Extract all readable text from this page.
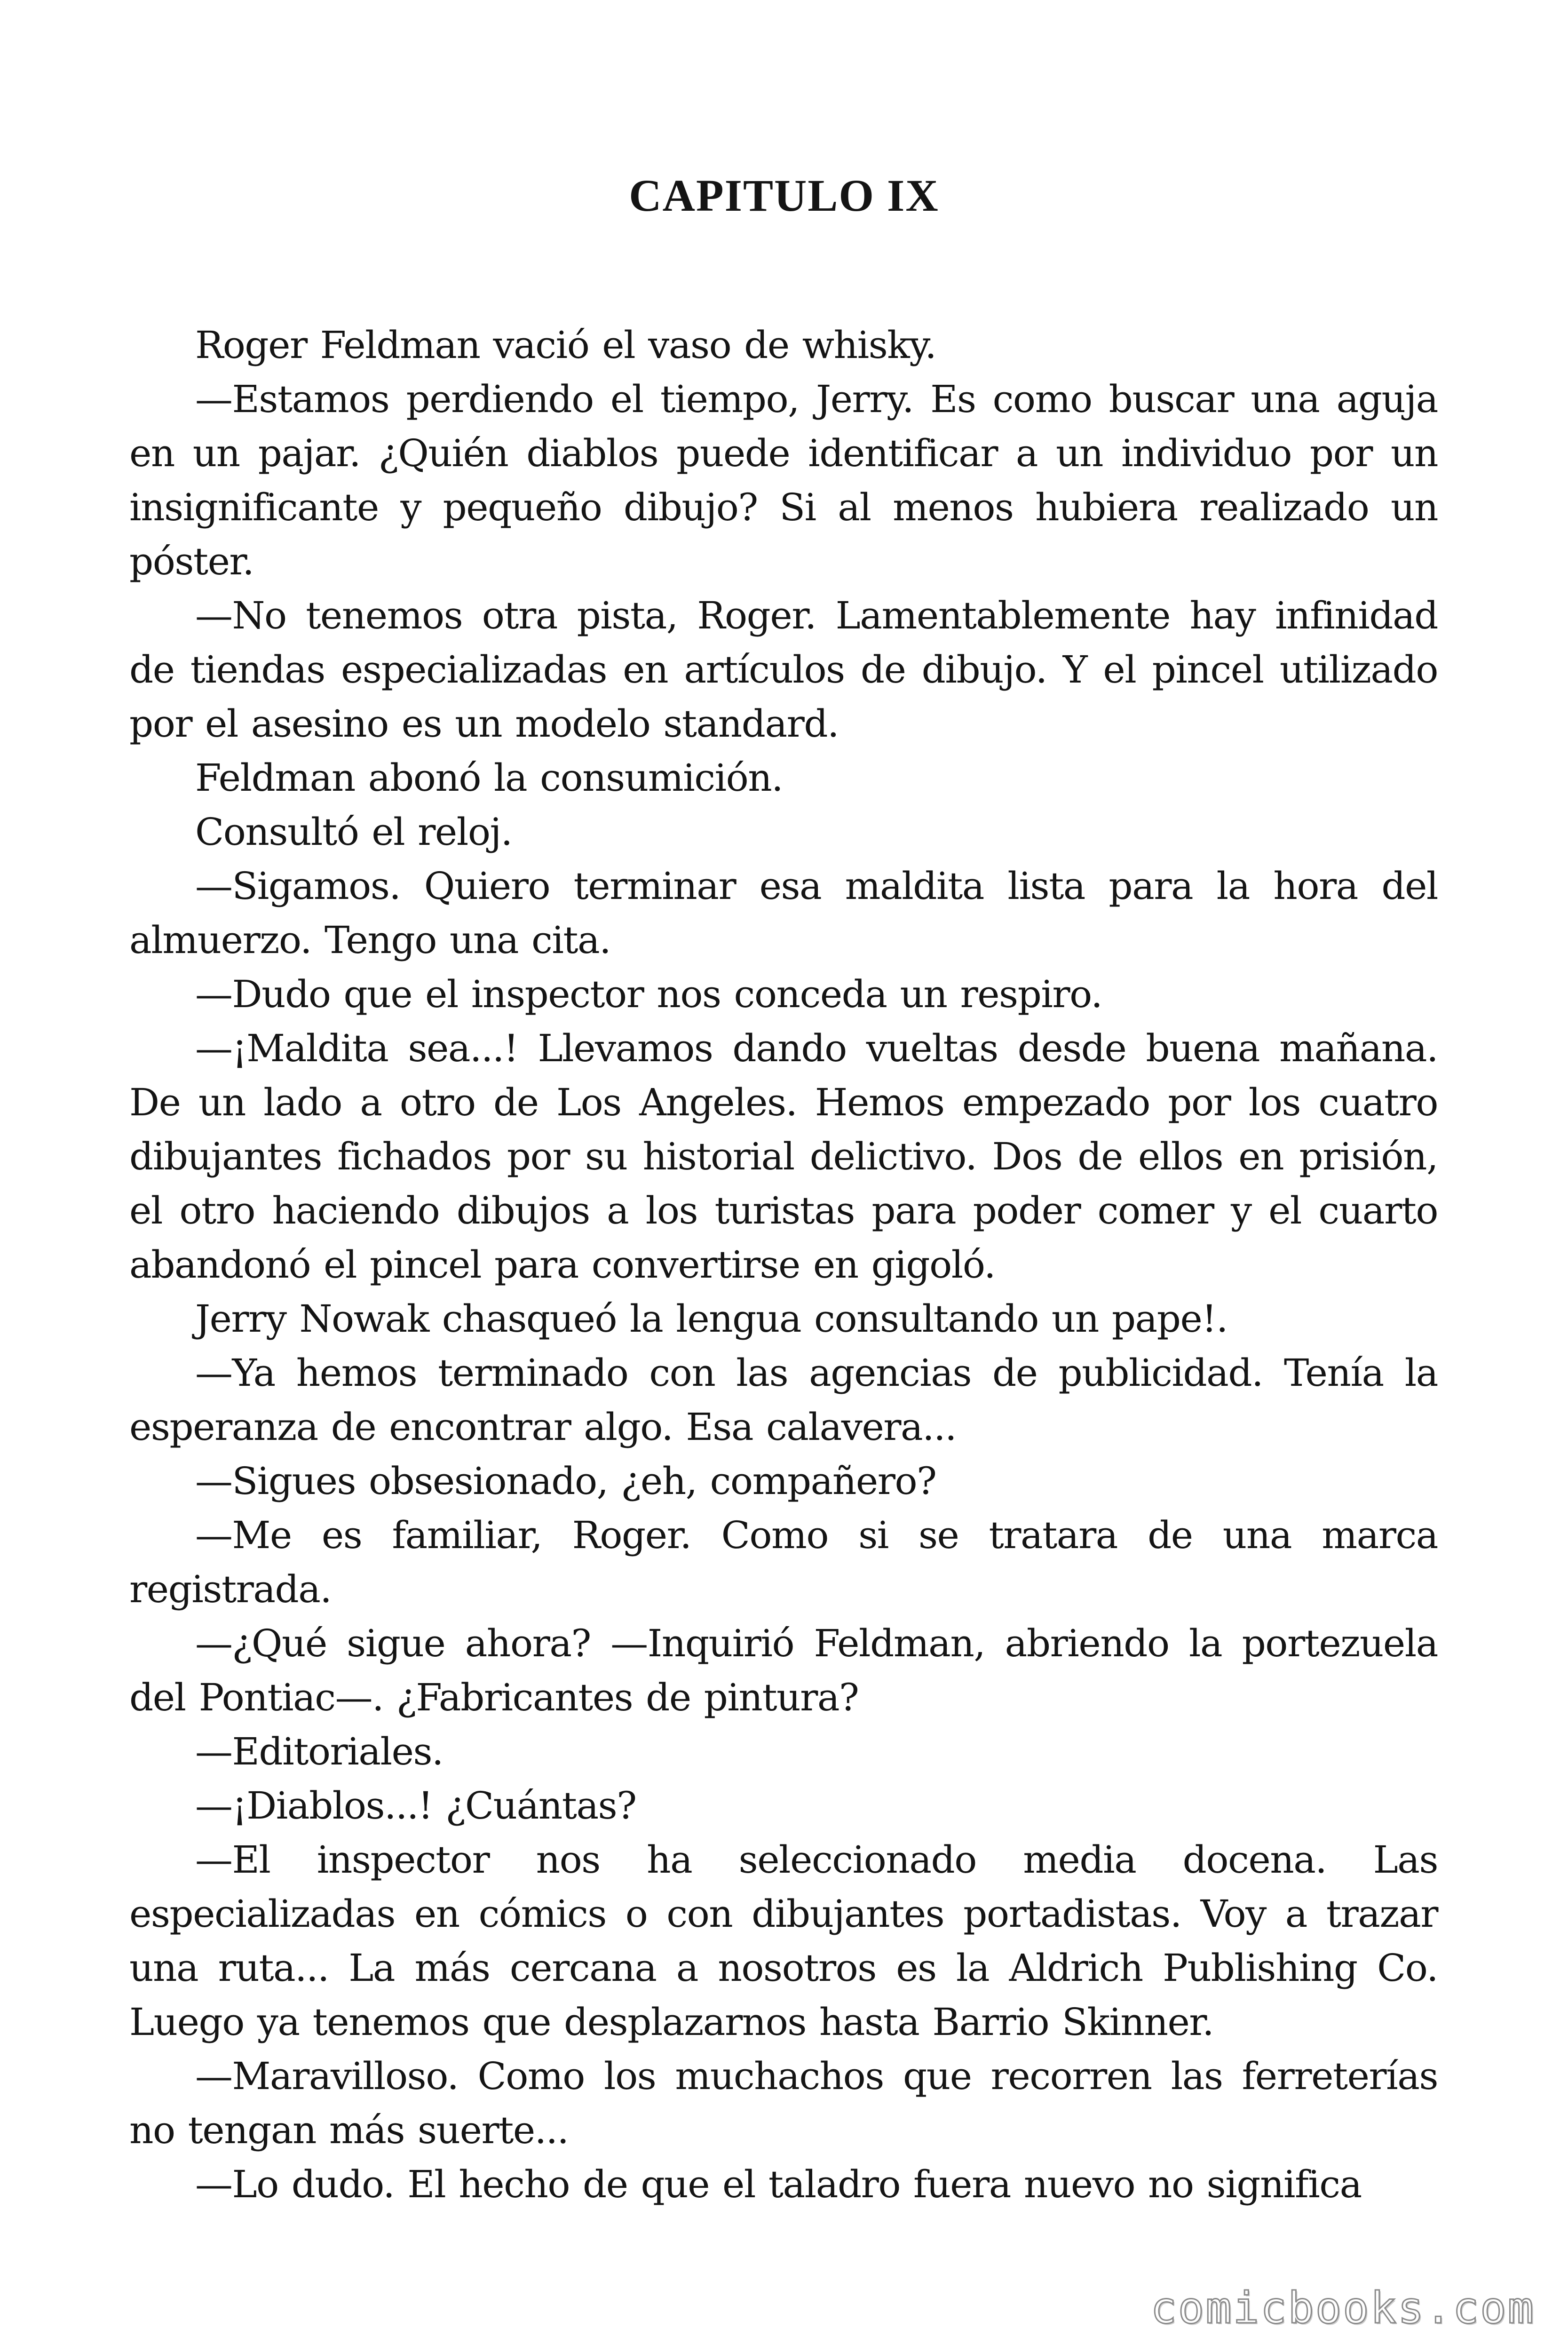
CAPITULO IX

Roger Feldman vació el vaso de whisky.

—Estamos perdiendo el tiempo, Jerry. Es como buscar una aguja en un pajar. ¿Quién diablos puede identificar a un individuo por un insignificante y pequeño dibujo? Si al menos hubiera realizado un póster.

—No tenemos otra pista, Roger. Lamentablemente hay infinidad de tiendas especializadas en artículos de dibujo. Y el pincel utilizado por el asesino es un modelo standard.

Feldman abonó la consumición.

Consultó el reloj.

—Sigamos. Quiero terminar esa maldita lista para la hora del almuerzo. Tengo una cita.

—Dudo que el inspector nos conceda un respiro.

—¡Maldita sea...! Llevamos dando vueltas desde buena mañana. De un lado a otro de Los Angeles. Hemos empezado por los cuatro dibujantes fichados por su historial delictivo. Dos de ellos en prisión, el otro haciendo dibujos a los turistas para poder comer y el cuarto abandonó el pincel para convertirse en gigoló.

Jerry Nowak chasqueó la lengua consultando un pape!.

—Ya hemos terminado con las agencias de publicidad. Tenía la esperanza de encontrar algo. Esa calavera...

—Sigues obsesionado, ¿eh, compañero?

—Me es familiar, Roger. Como si se tratara de una marca registrada.

—¿Qué sigue ahora? —Inquirió Feldman, abriendo la portezuela del Pontiac—. ¿Fabricantes de pintura?

—Editoriales.

—¡Diablos...! ¿Cuántas?

—El inspector nos ha seleccionado media docena. Las especializadas en cómics o con dibujantes portadistas. Voy a trazar una ruta... La más cercana a nosotros es la Aldrich Publishing Co. Luego ya tenemos que desplazarnos hasta Barrio Skinner.

—Maravilloso. Como los muchachos que recorren las ferreterías no tengan más suerte...

—Lo dudo. El hecho de que el taladro fuera nuevo no significa

comicbooks.com
